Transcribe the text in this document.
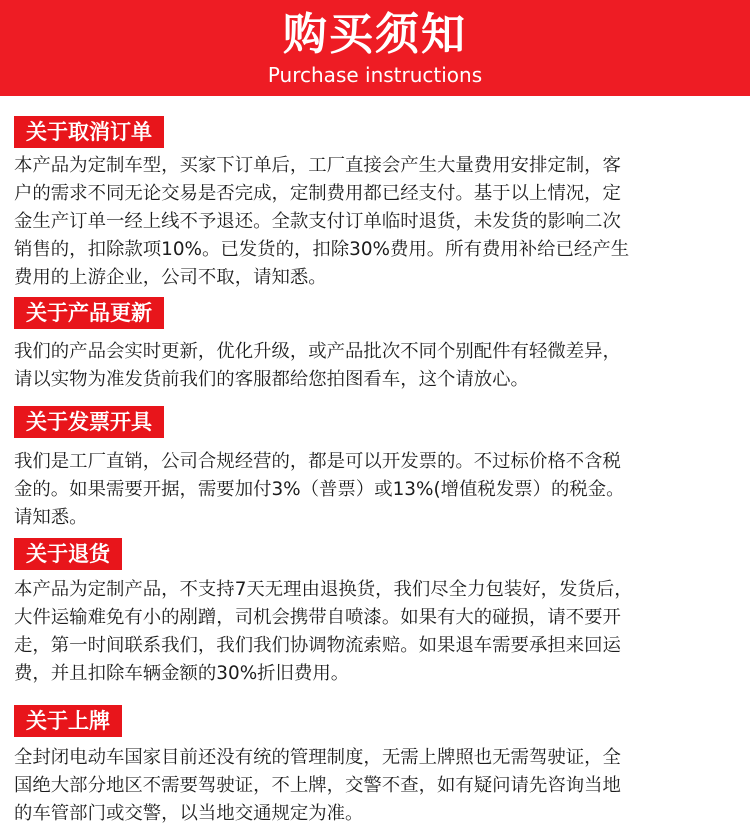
购买须知
Purchase instructions
关于取消订单
本产品为定制车型，买家下订单后，工厂直接会产生大量费用安排定制，客
户的需求不同无论交易是否完成，定制费用都已经支付。基于以上情况，定
金生产订单一经上线不予退还。全款支付订单临时退货，未发货的影响二次
销售的，扣除款项10%。已发货的，扣除30%费用。所有费用补给已经产生
费用的上游企业，公司不取，请知悉。
关于产品更新
我们的产品会实时更新，优化升级，或产品批次不同个别配件有轻微差异，
请以实物为准发货前我们的客服都给您拍图看车，这个请放心。
关于发票开具
我们是工厂直销，公司合规经营的，都是可以开发票的。不过标价格不含税
金的。如果需要开据，需要加付3%（普票）或13%(增值税发票）的税金。
请知悉。
关于退货
本产品为定制产品，不支持7天无理由退换货，我们尽全力包装好，发货后，
大件运输难免有小的剐蹭，司机会携带自喷漆。如果有大的碰损，请不要开
走，第一时间联系我们，我们我们协调物流索赔。如果退车需要承担来回运
费，并且扣除车辆金额的30%折旧费用。
关于上牌
全封闭电动车国家目前还没有统的管理制度，无需上牌照也无需驾驶证，全
国绝大部分地区不需要驾驶证，不上牌，交警不查，如有疑问请先咨询当地
的车管部门或交警，以当地交通规定为准。
